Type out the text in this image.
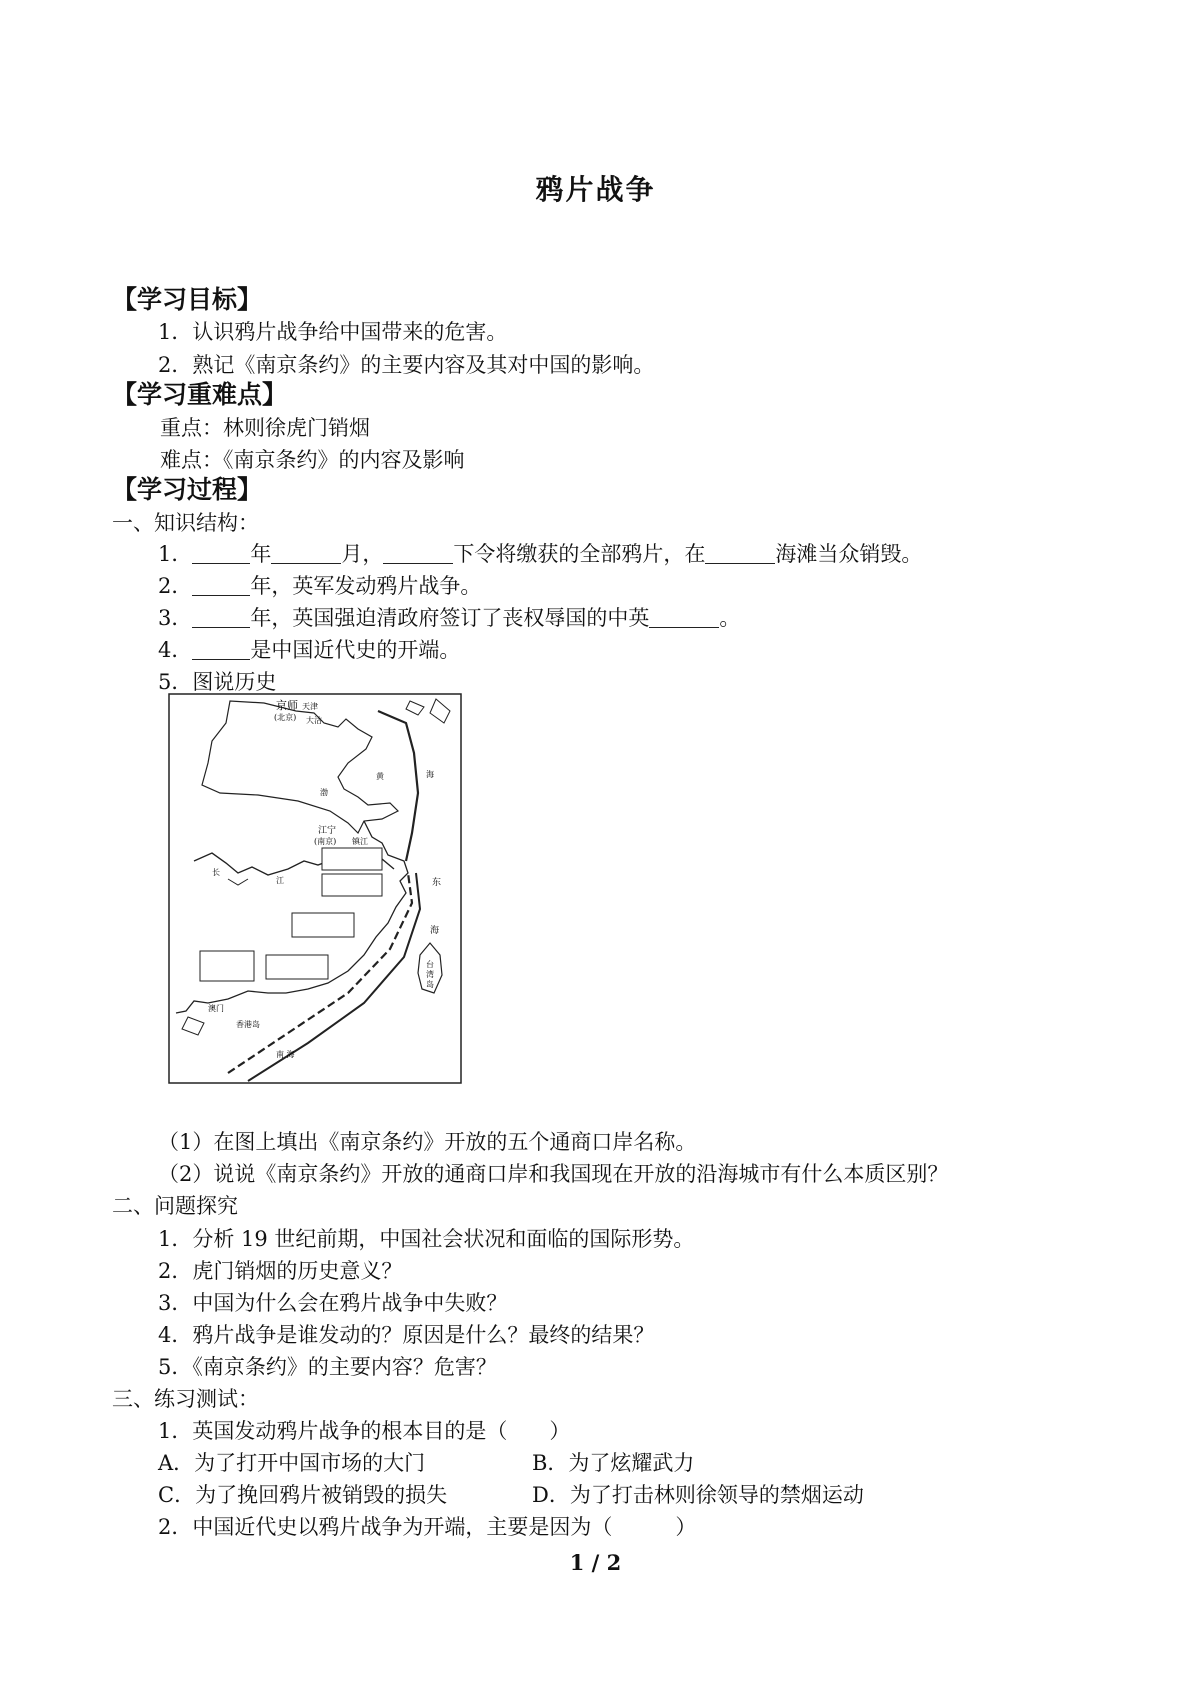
鸦片战争
【学习目标】
1．认识鸦片战争给中国带来的危害。
2．熟记《南京条约》的主要内容及其对中国的影响。
【学习重难点】
重点：林则徐虎门销烟
难点：《南京条约》的内容及影响
【学习过程】
一、知识结构：
1．	年	月，	下令将缴获的全部鸦片，在	海滩当众销毁。
2．	年，英军发动鸦片战争。
3．	年，英国强迫清政府签订了丧权辱国的中英	。
4．	是中国近代史的开端。
5．图说历史
京师
(北京)
天津
大沽
黄	海
渤
江宁
(南京) 镇江
长
江	东
海
台
湾
岛
澳门
香港岛
南 海
（1）在图上填出《南京条约》开放的五个通商口岸名称。
（2）说说《南京条约》开放的通商口岸和我国现在开放的沿海城市有什么本质区别？
二、问题探究
1．分析 19 世纪前期，中国社会状况和面临的国际形势。
2．虎门销烟的历史意义？
3．中国为什么会在鸦片战争中失败？
4．鸦片战争是谁发动的？原因是什么？最终的结果？
5．《南京条约》的主要内容？危害？
三、练习测试：
1．英国发动鸦片战争的根本目的是（　　）
A．为了打开中国市场的大门	B．为了炫耀武力
C．为了挽回鸦片被销毁的损失	D．为了打击林则徐领导的禁烟运动
2．中国近代史以鸦片战争为开端，主要是因为（　　　）
1 / 2
